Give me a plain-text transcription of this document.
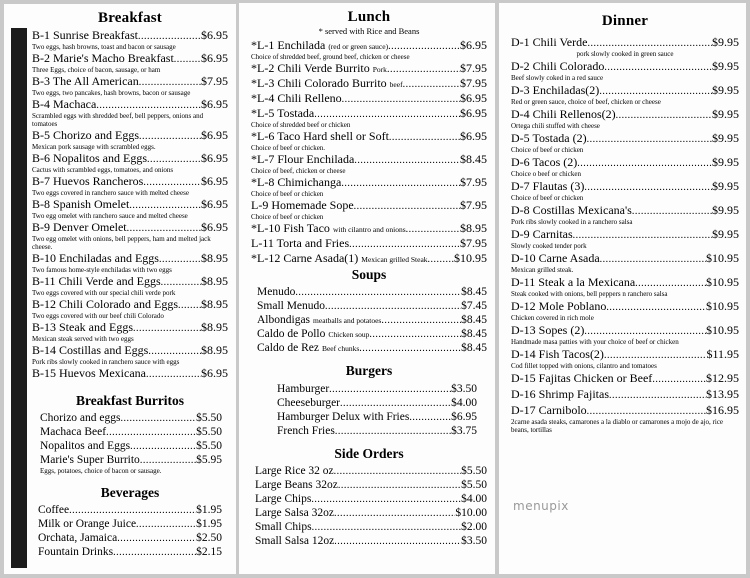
Breakfast
B-1 Sunrise Breakfast .....	$6.95
Two eggs, hash browns, toast and bacon or sausage
B-2 Marie's Macho Breakfast ..... $6.95
Three Eggs, choice of bacon, sausage, or ham
B-3 The All American .....	$7.95
Two eggs, two pancakes, hash browns, bacon or sausage
B-4 Machaca .....	$6.95
Scrambled eggs with shredded beef, bell peppers, onions and tomatoes
B-5 Chorizo and Eggs .....	$6.95
Mexican pork sausage with scrambled eggs.
B-6 Nopalitos and Eggs .....	$6.95
Cactus with scrambled eggs, tomatoes, and onions
B-7 Huevos Rancheros .....	$6.95
Two eggs covered in ranchero sauce with melted cheese
B-8 Spanish Omelet .....	$6.95
Two egg omelet with ranchero sauce and melted cheese
B-9 Denver Omelet .....	$6.95
Two egg omelet with onions, bell peppers, ham and melted jack cheese.
B-10 Enchiladas and Eggs .....	$8.95
Two famous home-style enchiladas with two eggs
B-11 Chili Verde and Eggs .....	$8.95
Two eggs covered with our special chili verde pork
B-12 Chili Colorado and Eggs ..... $8.95
Two eggs covered with our beef chili Colorado
B-13 Steak and Eggs .....	$8.95
Mexican steak served with two eggs
B-14 Costillas and Eggs .....	$8.95
Pork ribs slowly cooked in ranchero sauce with eggs
B-15 Huevos Mexicana .....	$6.95
Breakfast Burritos
Chorizo and eggs .....	$5.50
Machaca Beef .....	$5.50
Nopalitos and Eggs .....	$5.50
Marie's Super Burrito .....	$5.95
Eggs, potatoes, choice of bacon or sausage.
Beverages
Coffee .....	$1.95
Milk or Orange Juice .....	$1.95
Orchata, Jamaica .....	$2.50
Fountain Drinks .....	$2.15
Lunch
* served with Rice and Beans
*L-1 Enchilada (red or green sauce) .....	$6.95
Choice of shredded beef, ground beef, chicken or cheese
*L-2 Chili Verde Burrito Pork .....	$7.95
*L-3 Chili Colorado Burrito beef .....	$7.95
*L-4 Chili Relleno .....	$6.95
*L-5 Tostada .....	$6.95
Choice of shredded beef or chicken
*L-6 Taco Hard shell or Soft .....	$6.95
Choice of beef or chicken.
*L-7 Flour Enchilada .....	$8.45
Choice of beef, chicken or cheese
*L-8 Chimichanga .....	$7.95
Choice of beef or chicken
L-9 Homemade Sope .....	$7.95
Choice of beef or chicken
*L-10 Fish Taco with cilantro and onions .....	$8.95
L-11 Torta and Fries .....	$7.95
*L-12 Carne Asada(1) Mexican grilled Steak ..... $10.95
Soups
Menudo .....	$8.45
Small Menudo .....	$7.45
Albondigas meatballs and potatoes .....	$8.45
Caldo de Pollo Chicken soup .....	$8.45
Caldo de Rez Beef chunks .....	$8.45
Burgers
Hamburger .....	$3.50
Cheeseburger .....	$4.00
Hamburger Delux with Fries .....	$6.95
French Fries .....	$3.75
Side Orders
Large Rice 32 oz .....	$5.50
Large Beans 32oz .....	$5.50
Large Chips .....	$4.00
Large Salsa 32oz .....	$10.00
Small Chips .....	$2.00
Small Salsa 12oz .....	$3.50
Dinner
D-1 Chili Verde .....	$9.95
pork slowly cooked in green sauce
D-2 Chili Colorado .....	$9.95
Beef slowly coked in a red sauce
D-3 Enchiladas(2) .....	$9.95
Red or green sauce, choice of beef, chicken or cheese
D-4 Chili Rellenos(2) .....	$9.95
Ortega chili stuffed with cheese
D-5 Tostada (2) .....	$9.95
Choice of beef or chicken
D-6 Tacos (2) .....	$9.95
Choice o beef or chicken
D-7 Flautas (3) .....	$9.95
Choice of beef or chicken
D-8 Costillas Mexicana's .....	$9.95
Pork ribs slowly cooked in a ranchero salsa
D-9 Carnitas .....	$9.95
Slowly cooked tender pork
D-10 Carne Asada .....	$10.95
Mexican grilled steak.
D-11 Steak a la Mexicana .....	$10.95
Steak cooked with onions, bell peppers n ranchero salsa
D-12 Mole Poblano .....	$10.95
Chicken covered in rich mole
D-13 Sopes (2) .....	$10.95
Handmade masa patties with your choice of beef or chicken
D-14 Fish Tacos(2) .....	$11.95
Cod fillet topped with onions, cilantro and tomatoes
D-15 Fajitas Chicken or Beef .....	$12.95
D-16 Shrimp Fajitas .....	$13.95
D-17 Carnibolo .....	$16.95
2carne asada steaks, camarones a la diablo or camarones a mojo de ajo, rice beans, tortillas
menupix
